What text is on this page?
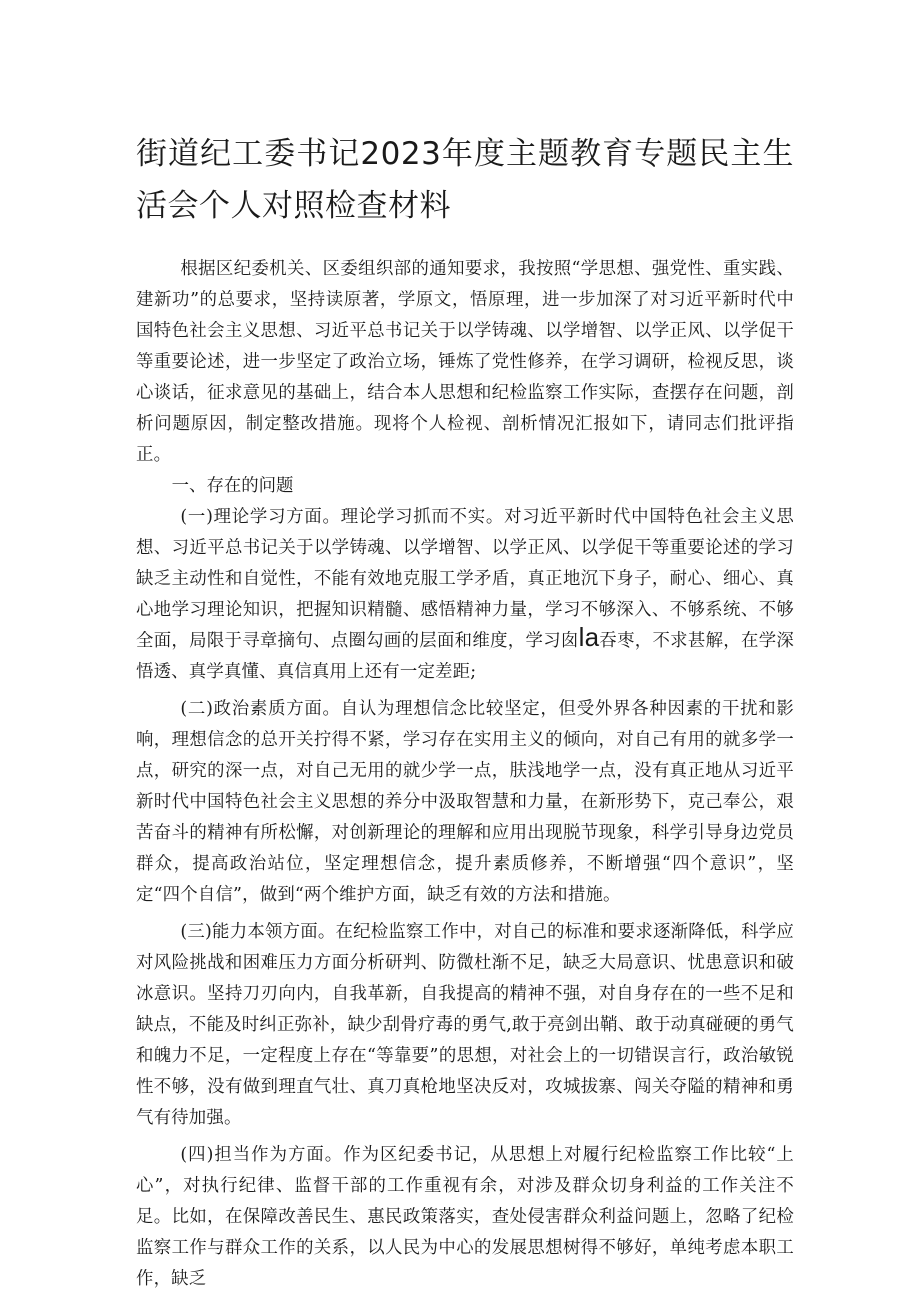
街道纪工委书记2023年度主题教育专题民主生活会个人对照检查材料

根据区纪委机关、区委组织部的通知要求，我按照“学思想、强党性、重实践、建新功”的总要求，坚持读原著，学原文，悟原理，进一步加深了对习近平新时代中国特色社会主义思想、习近平总书记关于以学铸魂、以学增智、以学正风、以学促干等重要论述，进一步坚定了政治立场，锤炼了党性修养，在学习调研，检视反思，谈心谈话，征求意见的基础上，结合本人思想和纪检监察工作实际，查摆存在问题，剖析问题原因，制定整改措施。现将个人检视、剖析情况汇报如下，请同志们批评指正。

一、存在的问题

(一)理论学习方面。理论学习抓而不实。对习近平新时代中国特色社会主义思想、习近平总书记关于以学铸魂、以学增智、以学正风、以学促干等重要论述的学习缺乏主动性和自觉性，不能有效地克服工学矛盾，真正地沉下身子，耐心、细心、真心地学习理论知识，把握知识精髓、感悟精神力量，学习不够深入、不够系统、不够全面，局限于寻章摘句、点圈勾画的层面和维度，学习囱la吞枣，不求甚解，在学深悟透、真学真懂、真信真用上还有一定差距;

(二)政治素质方面。自认为理想信念比较坚定，但受外界各种因素的干扰和影响，理想信念的总开关拧得不紧，学习存在实用主义的倾向，对自己有用的就多学一点，研究的深一点，对自己无用的就少学一点，肤浅地学一点，没有真正地从习近平新时代中国特色社会主义思想的养分中汲取智慧和力量，在新形势下，克己奉公，艰苦奋斗的精神有所松懈，对创新理论的理解和应用出现脱节现象，科学引导身边党员群众，提高政治站位，坚定理想信念，提升素质修养，不断增强“四个意识”，坚定“四个自信”，做到“两个维护方面，缺乏有效的方法和措施。

(三)能力本领方面。在纪检监察工作中，对自己的标准和要求逐渐降低，科学应对风险挑战和困难压力方面分析研判、防微杜渐不足，缺乏大局意识、忧患意识和破冰意识。坚持刀刃向内，自我革新，自我提高的精神不强，对自身存在的一些不足和缺点，不能及时纠正弥补，缺少刮骨疗毒的勇气,敢于亮剑出鞘、敢于动真碰硬的勇气和魄力不足，一定程度上存在“等靠要”的思想，对社会上的一切错误言行，政治敏锐性不够，没有做到理直气壮、真刀真枪地坚决反对，攻城拔寨、闯关夺隘的精神和勇气有待加强。

(四)担当作为方面。作为区纪委书记，从思想上对履行纪检监察工作比较“上心”，对执行纪律、监督干部的工作重视有余，对涉及群众切身利益的工作关注不足。比如，在保障改善民生、惠民政策落实，查处侵害群众利益问题上，忽略了纪检监察工作与群众工作的关系，以人民为中心的发展思想树得不够好，单纯考虑本职工作，缺乏
